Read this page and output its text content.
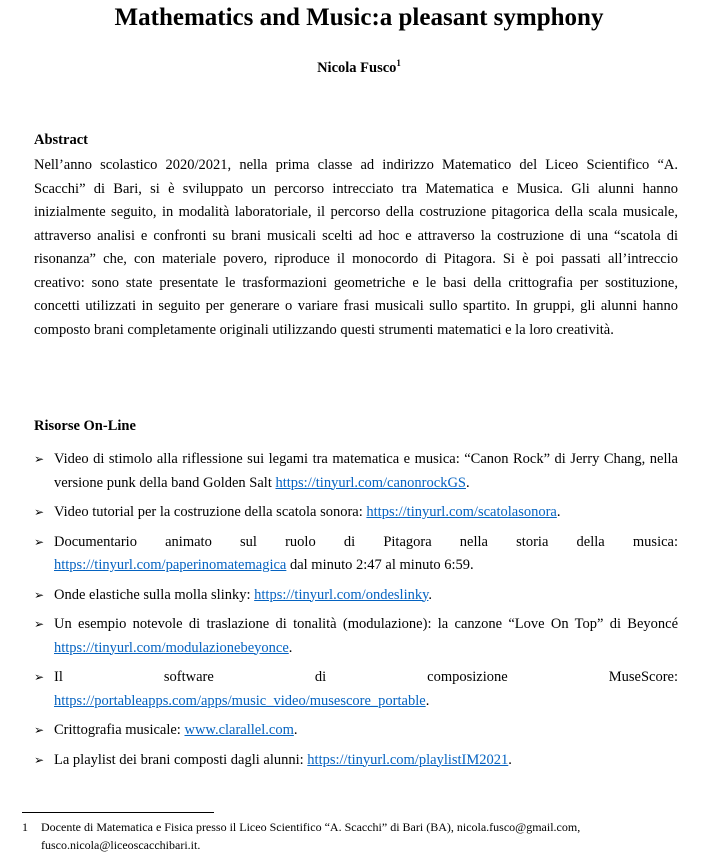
Mathematics and Music:a pleasant symphony
Nicola Fusco$^1$
Abstract

Nell’anno scolastico 2020/2021, nella prima classe ad indirizzo Matematico del Liceo Scientifico “A. Scacchi” di Bari, si è sviluppato un percorso intrecciato tra Matematica e Musica. Gli alunni hanno inizialmente seguito, in modalità laboratoriale, il percorso della costruzione pitagorica della scala musicale, attraverso analisi e confronti su brani musicali scelti ad hoc e attraverso la costruzione di una “scatola di risonanza” che, con materiale povero, riproduce il monocordo di Pitagora. Si è poi passati all’intreccio creativo: sono state presentate le trasformazioni geometriche e le basi della crittografia per sostituzione, concetti utilizzati in seguito per generare o variare frasi musicali sullo spartito. In gruppi, gli alunni hanno composto brani completamente originali utilizzando questi strumenti matematici e la loro creatività.

Risorse On-Line
➢ Video di stimolo alla riflessione sui legami tra matematica e musica: “Canon Rock” di Jerry Chang, nella versione punk della band Golden Salt https://tinyurl.com/canonrockGS.
➢ Video tutorial per la costruzione della scatola sonora: https://tinyurl.com/scatolasonora.
➢ Documentario animato sul ruolo di Pitagora nella storia della musica:
https://tinyurl.com/paperinomatemagica dal minuto 2:47 al minuto 6:59.
➢ Onde elastiche sulla molla slinky: https://tinyurl.com/ondeslinky.
➢ Un esempio notevole di traslazione di tonalità (modulazione): la canzone “Love On Top” di Beyoncé https://tinyurl.com/modulazionebeyonce.
➢ Il software di composizione MuseScore:
https://portableapps.com/apps/music_video/musescore_portable.
➢ Crittografia musicale: www.clarallel.com.
➢ La playlist dei brani composti dagli alunni: https://tinyurl.com/playlistIM2021.
1	Docente di Matematica e Fisica presso il Liceo Scientifico “A. Scacchi” di Bari (BA), nicola.fusco@gmail.com, fusco.nicola@liceoscacchibari.it.
